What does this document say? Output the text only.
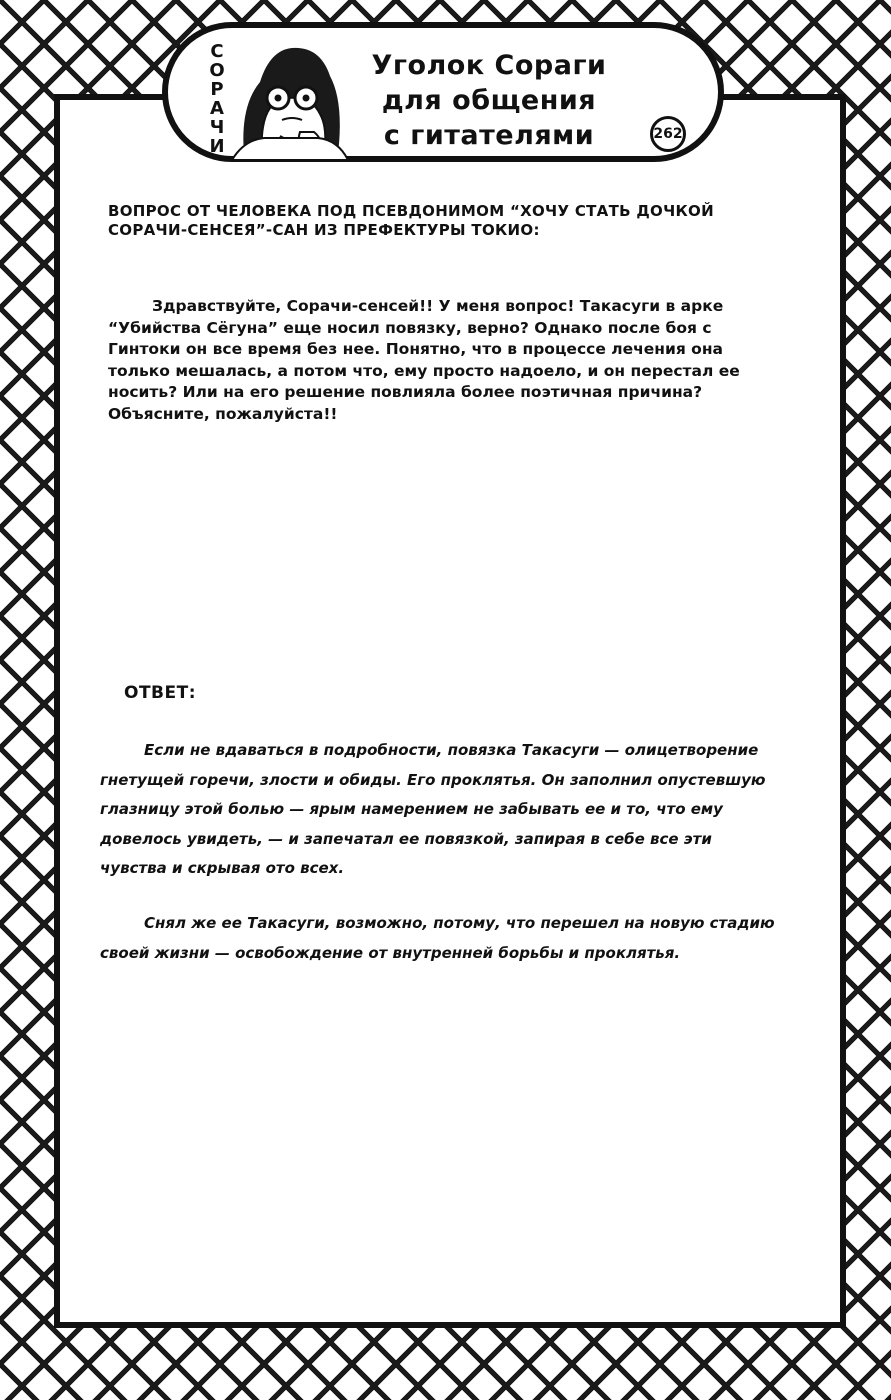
СОРАЧИ
Уголок Сораги
для общения
с гитателями	262
ВОПРОС ОТ ЧЕЛОВЕКА ПОД ПСЕВДОНИМОМ “ХОЧУ СТАТЬ ДОЧКОЙ СОРАЧИ-СЕНСЕЯ”-САН ИЗ ПРЕФЕКТУРЫ ТОКИО:
Здравствуйте, Сорачи-сенсей!! У меня вопрос! Такасуги в арке “Убийства Сёгуна” еще носил повязку, верно? Однако после боя с Гинтоки он все время без нее. Понятно, что в процессе лечения она только мешалась, а потом что, ему просто надоело, и он перестал ее носить? Или на его решение повлияла более поэтичная причина? Объясните, пожалуйста!!
ОТВЕТ:
Если не вдаваться в подробности, повязка Такасуги — олицетворение гнетущей горечи, злости и обиды. Его проклятья. Он заполнил опустевшую глазницу этой болью — ярым намерением не забывать ее и то, что ему довелось увидеть, — и запечатал ее повязкой, запирая в себе все эти чувства и скрывая ото всех.
Снял же ее Такасуги, возможно, потому, что перешел на новую стадию своей жизни — освобождение от внутренней борьбы и проклятья.
